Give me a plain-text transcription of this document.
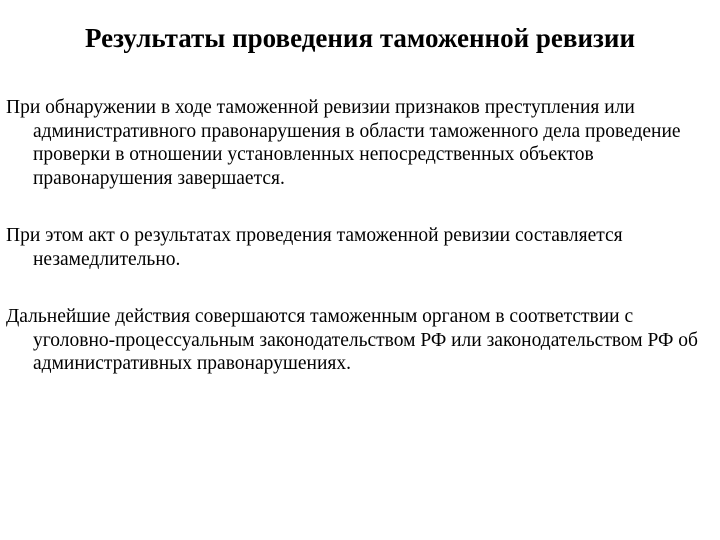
Результаты проведения таможенной ревизии

При обнаружении в ходе таможенной ревизии признаков преступления или административного правонарушения в области таможенного дела проведение проверки в отношении установленных непосредственных объектов правонарушения завершается.

При этом акт о результатах проведения таможенной ревизии составляется незамедлительно.

Дальнейшие действия совершаются таможенным органом в соответствии с уголовно-процессуальным законодательством РФ или законодательством РФ об административных правонарушениях.
